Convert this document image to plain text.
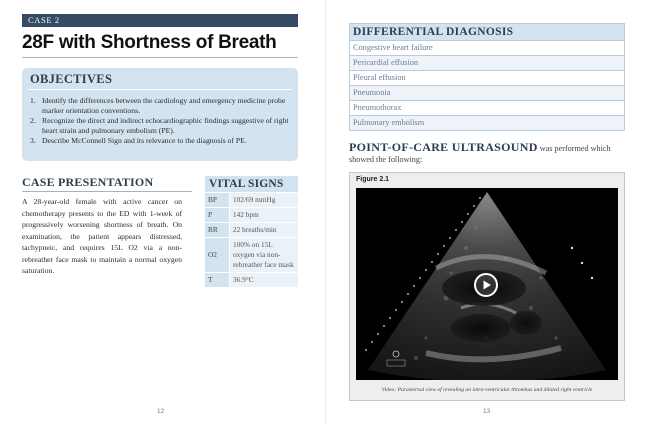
CASE 2
28F with Shortness of Breath
OBJECTIVES
1. Identify the differences between the cardiology and emergency medicine probe marker orientation conventions.
2. Recognize the direct and indirect echocardiographic findings suggestive of right heart strain and pulmonary embolism (PE).
3. Describe McConnell Sign and its relevance to the diagnosis of PE.
CASE PRESENTATION
A 28-year-old female with active cancer on chemotherapy presents to the ED with 1-week of progressively worsening shortness of breath. On examination, the patient appears distressed, tachypneic, and requires 15L O2 via a non-rebreather face mask to maintain a normal oxygen saturation.
VITAL SIGNS	
BP	102/69 mmHg
P	142 bpm
RR	22 breaths/min
O2	100% on 15L oxygen via non-rebreather face mask
T	36.9°C
12
DIFFERENTIAL DIAGNOSIS
Congestive heart failure
Pericardial effusion
Pleural effusion
Pneumonia
Pneumothorax
Pulmonary embolism
POINT-OF-CARE ULTRASOUND was performed which showed the following:
Figure 2.1
Video: Parasternal view of revealing an intra-ventricular thrombus and dilated right ventricle
13
